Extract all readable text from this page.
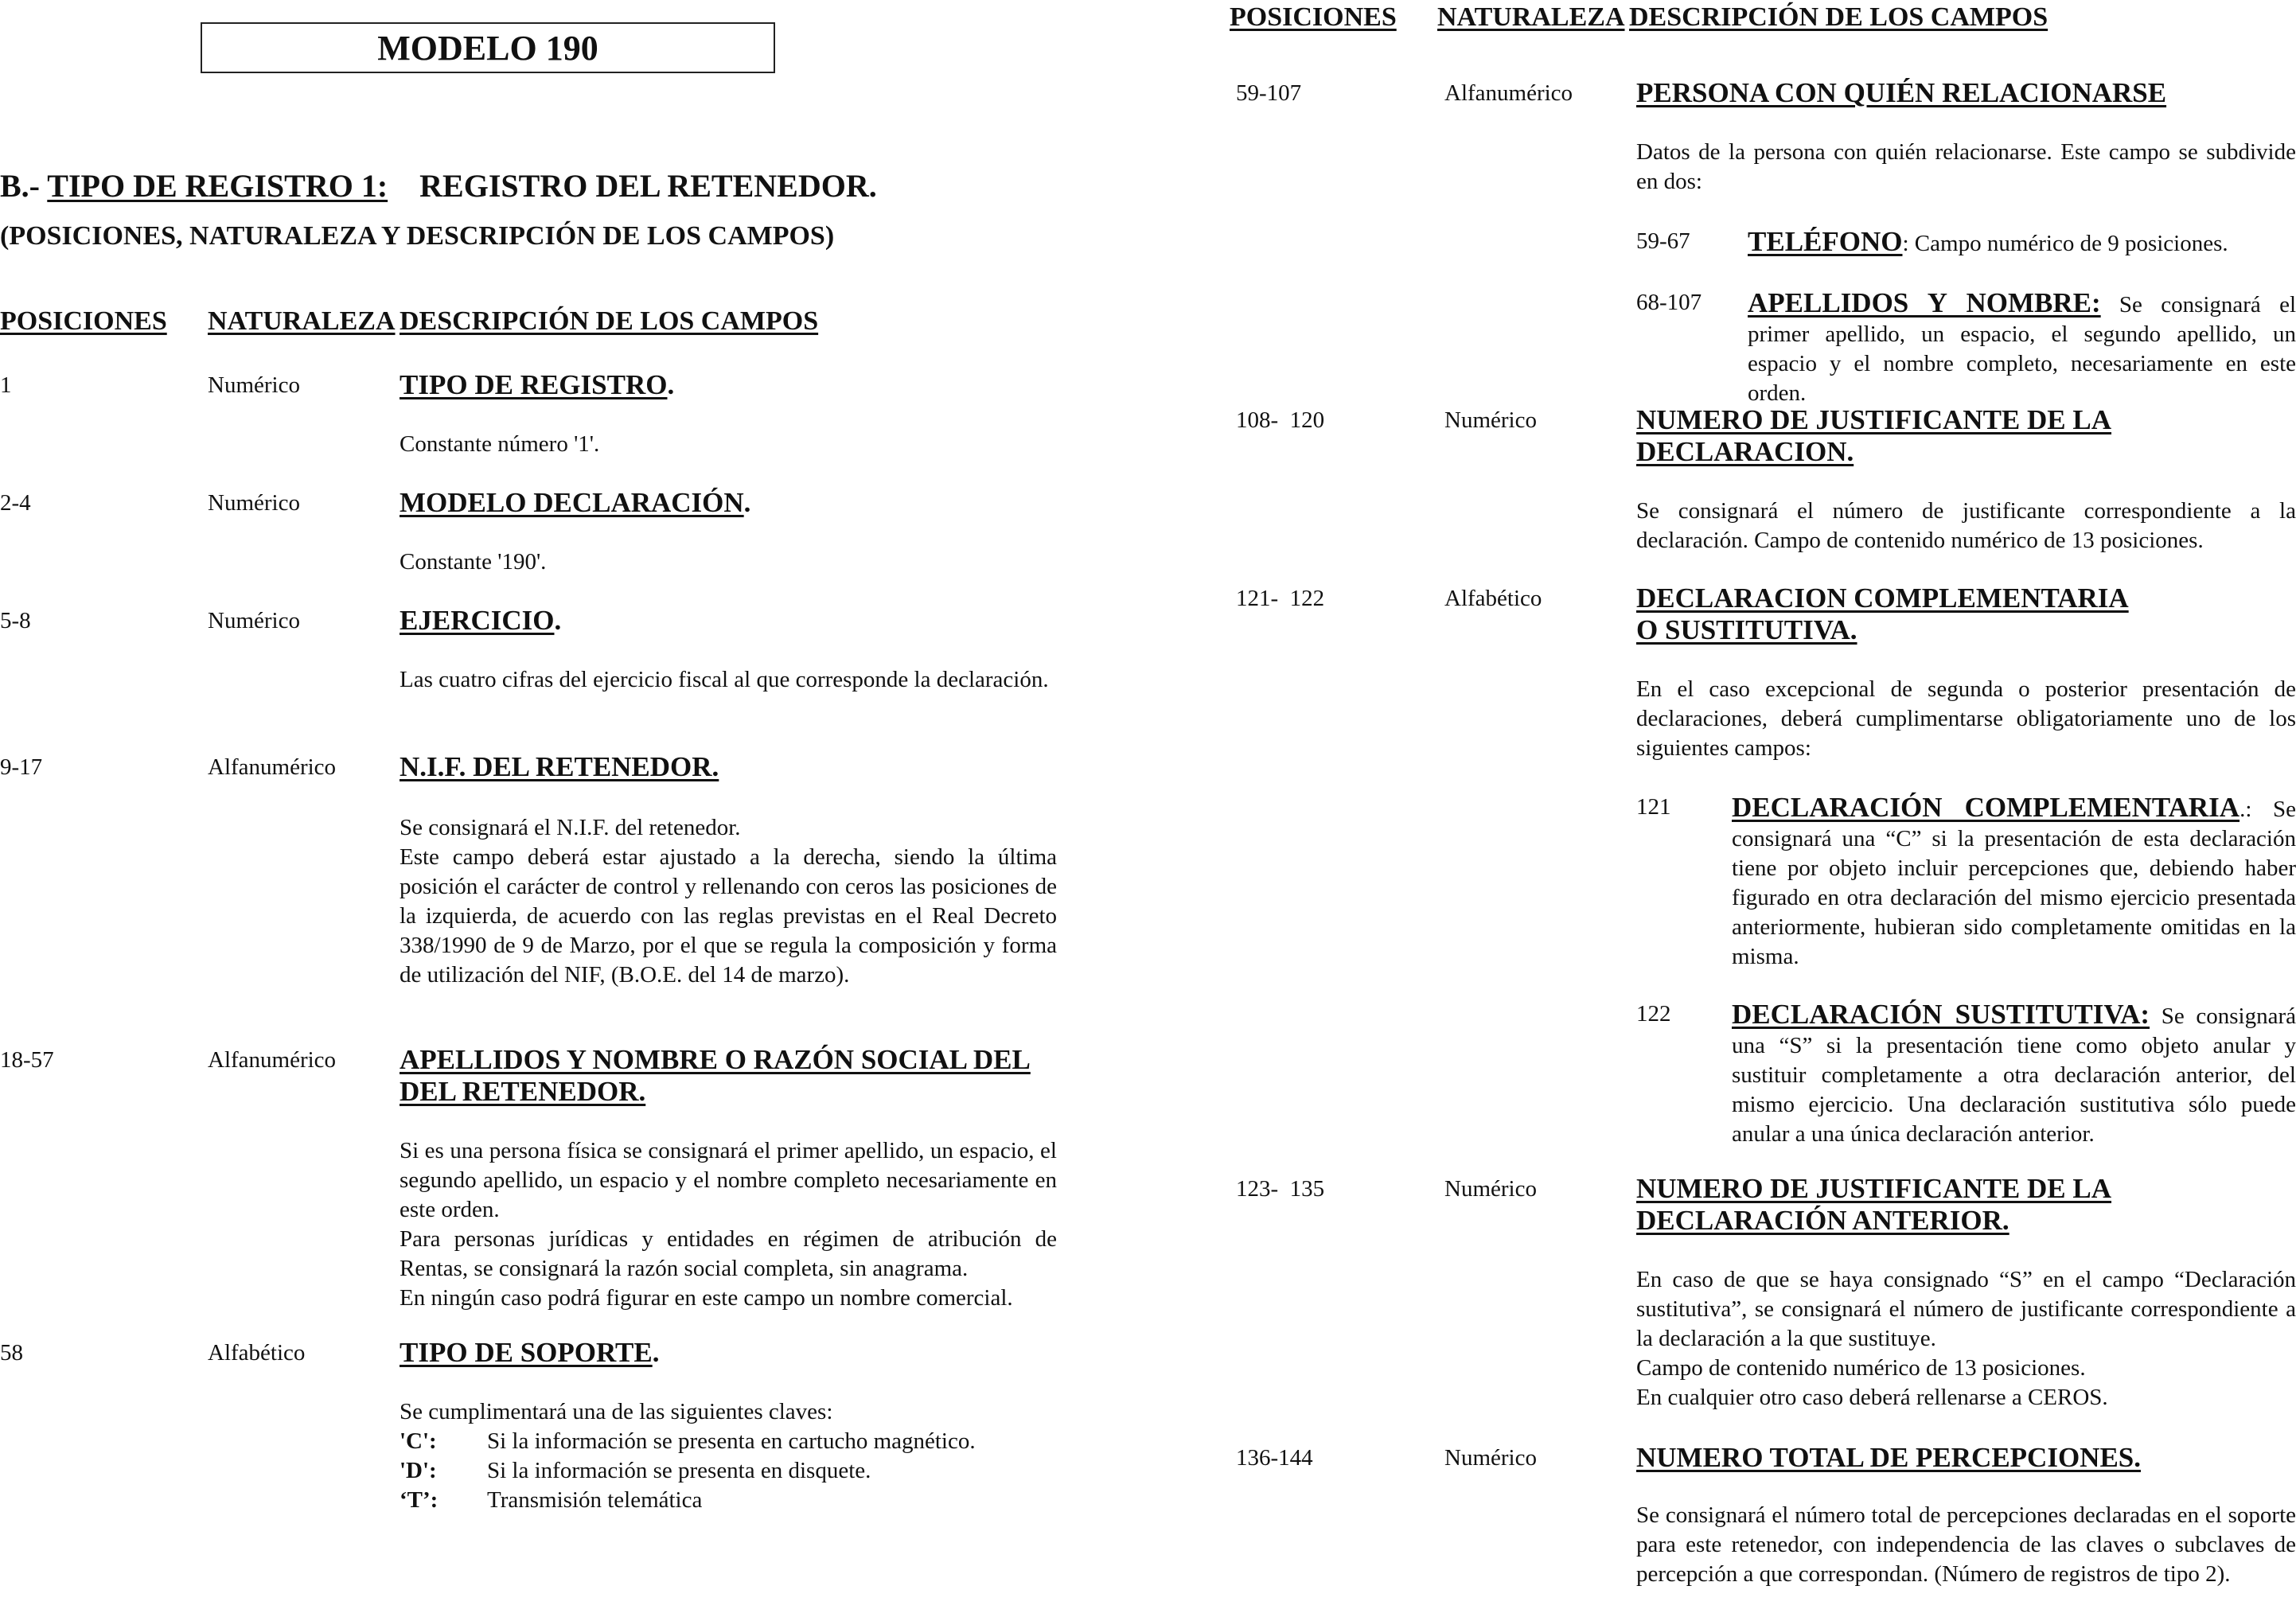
MODELO 190
B.- TIPO DE REGISTRO 1: REGISTRO DEL RETENEDOR.
(POSICIONES, NATURALEZA Y DESCRIPCIÓN DE LOS CAMPOS)
POSICIONES NATURALEZA DESCRIPCIÓN DE LOS CAMPOS
1	Numérico	TIPO DE REGISTRO.
Constante número '1'.
2-4	Numérico	MODELO DECLARACIÓN.
Constante '190'.
5-8	Numérico	EJERCICIO.
Las cuatro cifras del ejercicio fiscal al que corresponde la declaración.
9-17	Alfanumérico N.I.F. DEL RETENEDOR.
Se consignará el N.I.F. del retenedor.
Este campo deberá estar ajustado a la derecha, siendo la última posición el carácter de control y rellenando con ceros las posiciones de la izquierda, de acuerdo con las reglas previstas en el Real Decreto 338/1990 de 9 de Marzo, por el que se regula la composición y forma de utilización del NIF, (B.O.E. del 14 de marzo).
18-57	Alfanumérico APELLIDOS Y NOMBRE O RAZÓN SOCIAL DEL
DEL RETENEDOR.
Si es una persona física se consignará el primer apellido, un espacio, el segundo apellido, un espacio y el nombre completo necesariamente en este orden.
Para personas jurídicas y entidades en régimen de atribución de Rentas, se consignará la razón social completa, sin anagrama.
En ningún caso podrá figurar en este campo un nombre comercial.
58	Alfabético	TIPO DE SOPORTE.
Se cumplimentará una de las siguientes claves:
'C': Si la información se presenta en cartucho magnético.
'D': Si la información se presenta en disquete.
‘T’: Transmisión telemática
POSICIONES NATURALEZA DESCRIPCIÓN DE LOS CAMPOS
59-107	Alfanumérico PERSONA CON QUIÉN RELACIONARSE
Datos de la persona con quién relacionarse. Este campo se subdivide en dos:
59-67 TELÉFONO: Campo numérico de 9 posiciones.
68-107 APELLIDOS Y NOMBRE: Se consignará el primer apellido, un espacio, el segundo apellido, un espacio y el nombre completo, necesariamente en este orden.
108-  120	Numérico	NUMERO DE JUSTIFICANTE DE LA
DECLARACION.
Se consignará el número de justificante correspondiente a la declaración. Campo de contenido numérico de 13 posiciones.
121-  122	Alfabético	DECLARACION COMPLEMENTARIA
O SUSTITUTIVA.
En el caso excepcional de segunda o posterior presentación de declaraciones, deberá cumplimentarse obligatoriamente uno de los siguientes campos:
121 DECLARACIÓN COMPLEMENTARIA.: Se consignará una “C” si la presentación de esta declaración tiene por objeto incluir percepciones que, debiendo haber figurado en otra declaración del mismo ejercicio presentada anteriormente, hubieran sido completamente omitidas en la misma.
122 DECLARACIÓN SUSTITUTIVA: Se consignará una “S” si la presentación tiene como objeto anular y sustituir completamente a otra declaración anterior, del mismo ejercicio. Una declaración sustitutiva sólo puede anular a una única declaración anterior.
123-  135	Numérico	NUMERO DE JUSTIFICANTE DE LA
DECLARACIÓN ANTERIOR.
En caso de que se haya consignado “S” en el campo “Declaración sustitutiva”, se consignará el número de justificante correspondiente a la declaración a la que sustituye.
Campo de contenido numérico de 13 posiciones.
En cualquier otro caso deberá rellenarse a CEROS.
136-144	Numérico	NUMERO TOTAL DE PERCEPCIONES.
Se consignará el número total de percepciones declaradas en el soporte para este retenedor, con independencia de las claves o subclaves de percepción a que correspondan. (Número de registros de tipo 2).
